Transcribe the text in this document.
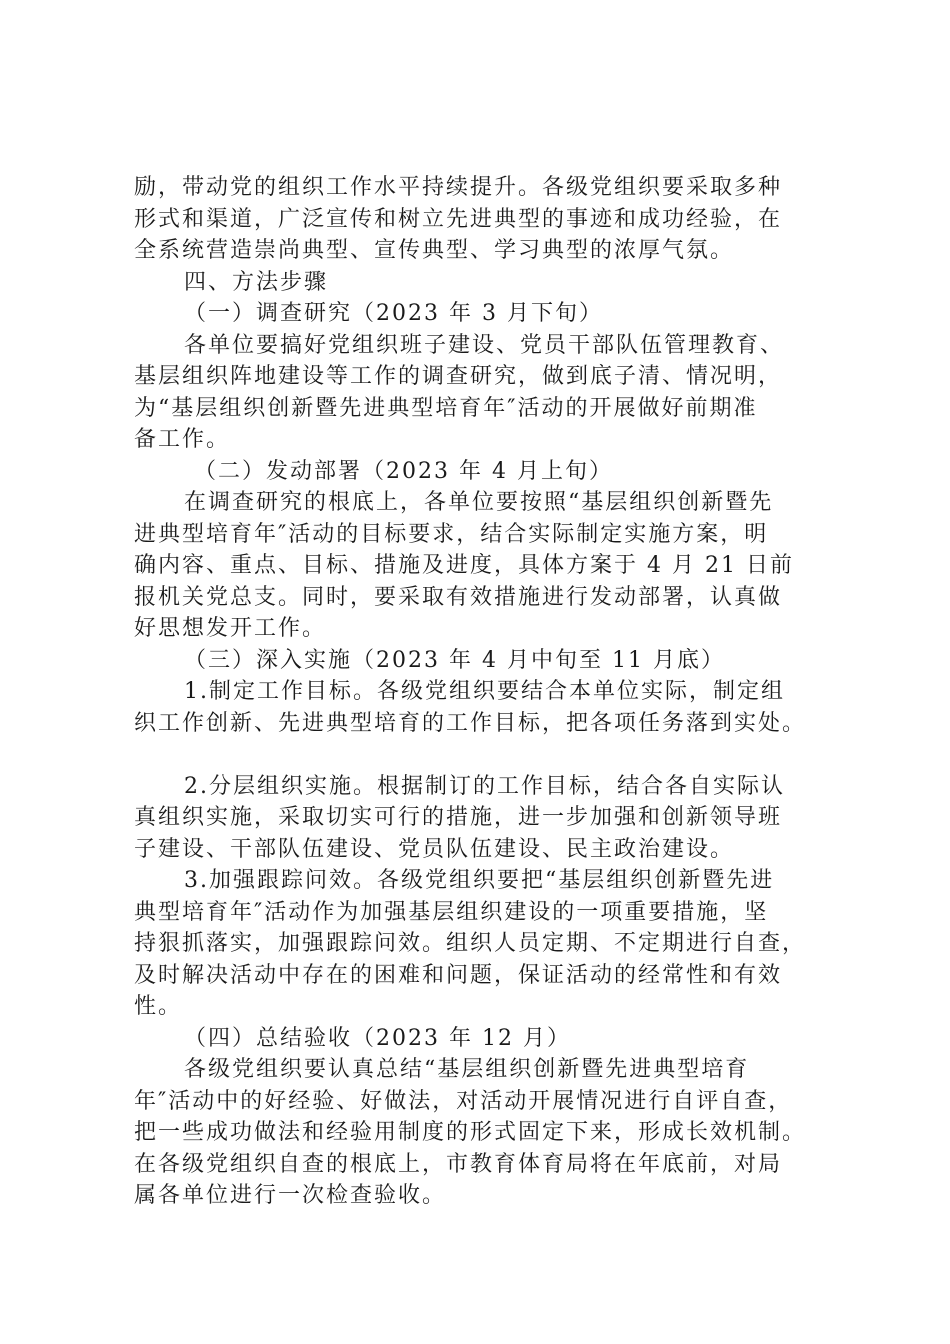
励，带动党的组织工作水平持续提升。各级党组织要采取多种
形式和渠道，广泛宣传和树立先进典型的事迹和成功经验，在
全系统营造崇尚典型、宣传典型、学习典型的浓厚气氛。
四、方法步骤
（一）调查研究（2023 年 3 月下旬）
各单位要搞好党组织班子建设、党员干部队伍管理教育、
基层组织阵地建设等工作的调查研究，做到底子清、情况明，
为“基层组织创新暨先进典型培育年″活动的开展做好前期准
备工作。
（二）发动部署（2023 年 4 月上旬）
在调查研究的根底上，各单位要按照“基层组织创新暨先
进典型培育年″活动的目标要求，结合实际制定实施方案，明
确内容、重点、目标、措施及进度，具体方案于 4 月 21 日前
报机关党总支。同时，要采取有效措施进行发动部署，认真做
好思想发开工作。
（三）深入实施（2023 年 4 月中旬至 11 月底）
1.制定工作目标。各级党组织要结合本单位实际，制定组
织工作创新、先进典型培育的工作目标，把各项任务落到实处。
2.分层组织实施。根据制订的工作目标，结合各自实际认
真组织实施，采取切实可行的措施，进一步加强和创新领导班
子建设、干部队伍建设、党员队伍建设、民主政治建设。
3.加强跟踪问效。各级党组织要把“基层组织创新暨先进
典型培育年″活动作为加强基层组织建设的一项重要措施，坚
持狠抓落实，加强跟踪问效。组织人员定期、不定期进行自查，
及时解决活动中存在的困难和问题，保证活动的经常性和有效
性。
（四）总结验收（2023 年 12 月）
各级党组织要认真总结“基层组织创新暨先进典型培育
年″活动中的好经验、好做法，对活动开展情况进行自评自查，
把一些成功做法和经验用制度的形式固定下来，形成长效机制。
在各级党组织自查的根底上，市教育体育局将在年底前，对局
属各单位进行一次检查验收。
